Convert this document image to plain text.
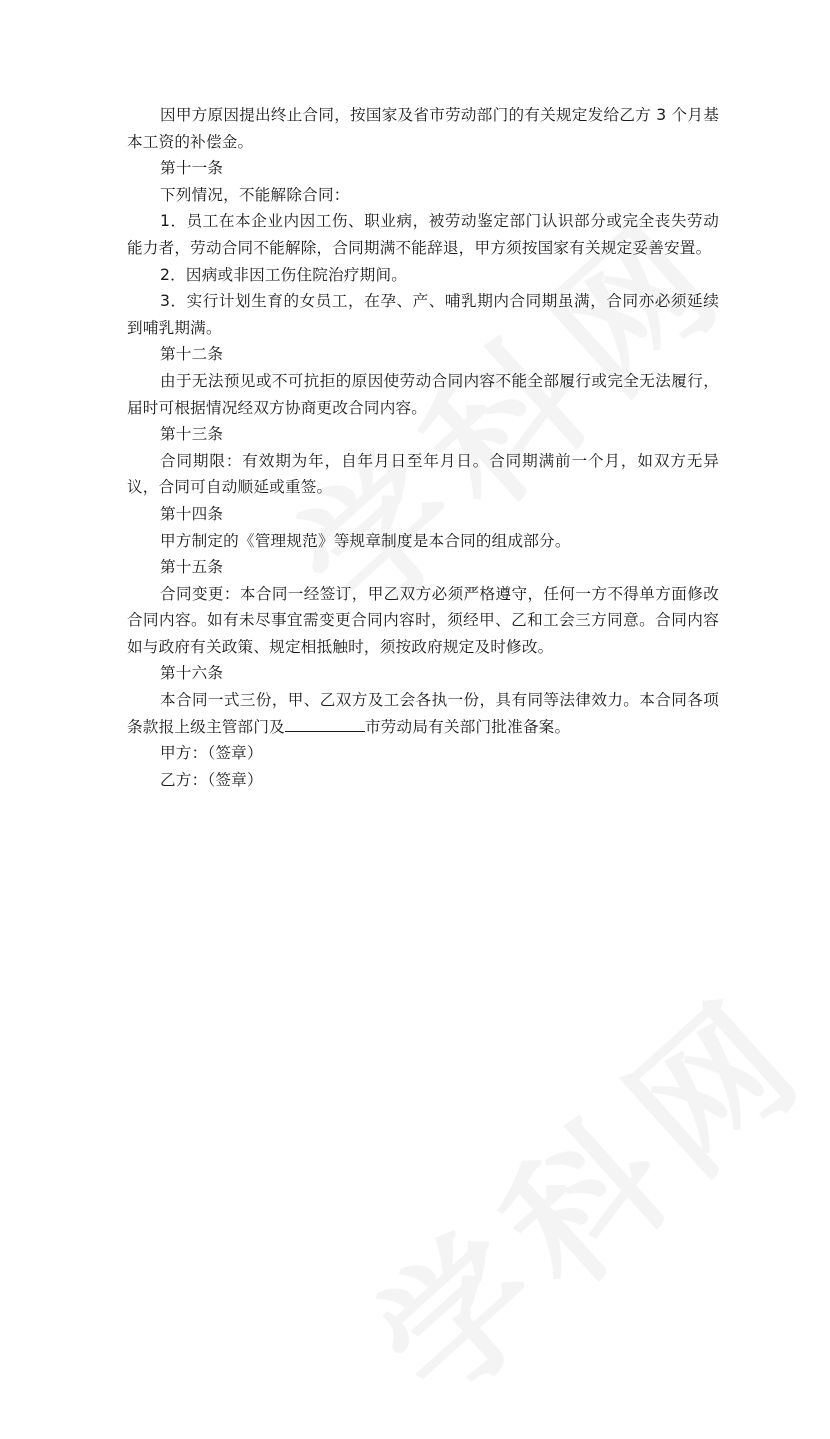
因甲方原因提出终止合同，按国家及省市劳动部门的有关规定发给乙方 3 个月基本工资的补偿金。

第十一条

下列情况，不能解除合同：

1．员工在本企业内因工伤、职业病，被劳动鉴定部门认识部分或完全丧失劳动能力者，劳动合同不能解除，合同期满不能辞退，甲方须按国家有关规定妥善安置。

2．因病或非因工伤住院治疗期间。

3．实行计划生育的女员工，在孕、产、哺乳期内合同期虽满，合同亦必须延续到哺乳期满。

第十二条

由于无法预见或不可抗拒的原因使劳动合同内容不能全部履行或完全无法履行，届时可根据情况经双方协商更改合同内容。

第十三条

合同期限：有效期为年，自年月日至年月日。合同期满前一个月，如双方无异议，合同可自动顺延或重签。

第十四条

甲方制定的《管理规范》等规章制度是本合同的组成部分。

第十五条

合同变更：本合同一经签订，甲乙双方必须严格遵守，任何一方不得单方面修改合同内容。如有未尽事宜需变更合同内容时，须经甲、乙和工会三方同意。合同内容如与政府有关政策、规定相抵触时，须按政府规定及时修改。

第十六条

本合同一式三份，甲、乙双方及工会各执一份，具有同等法律效力。本合同各项条款报上级主管部门及	市劳动局有关部门批准备案。

甲方：（签章）

乙方：（签章）
